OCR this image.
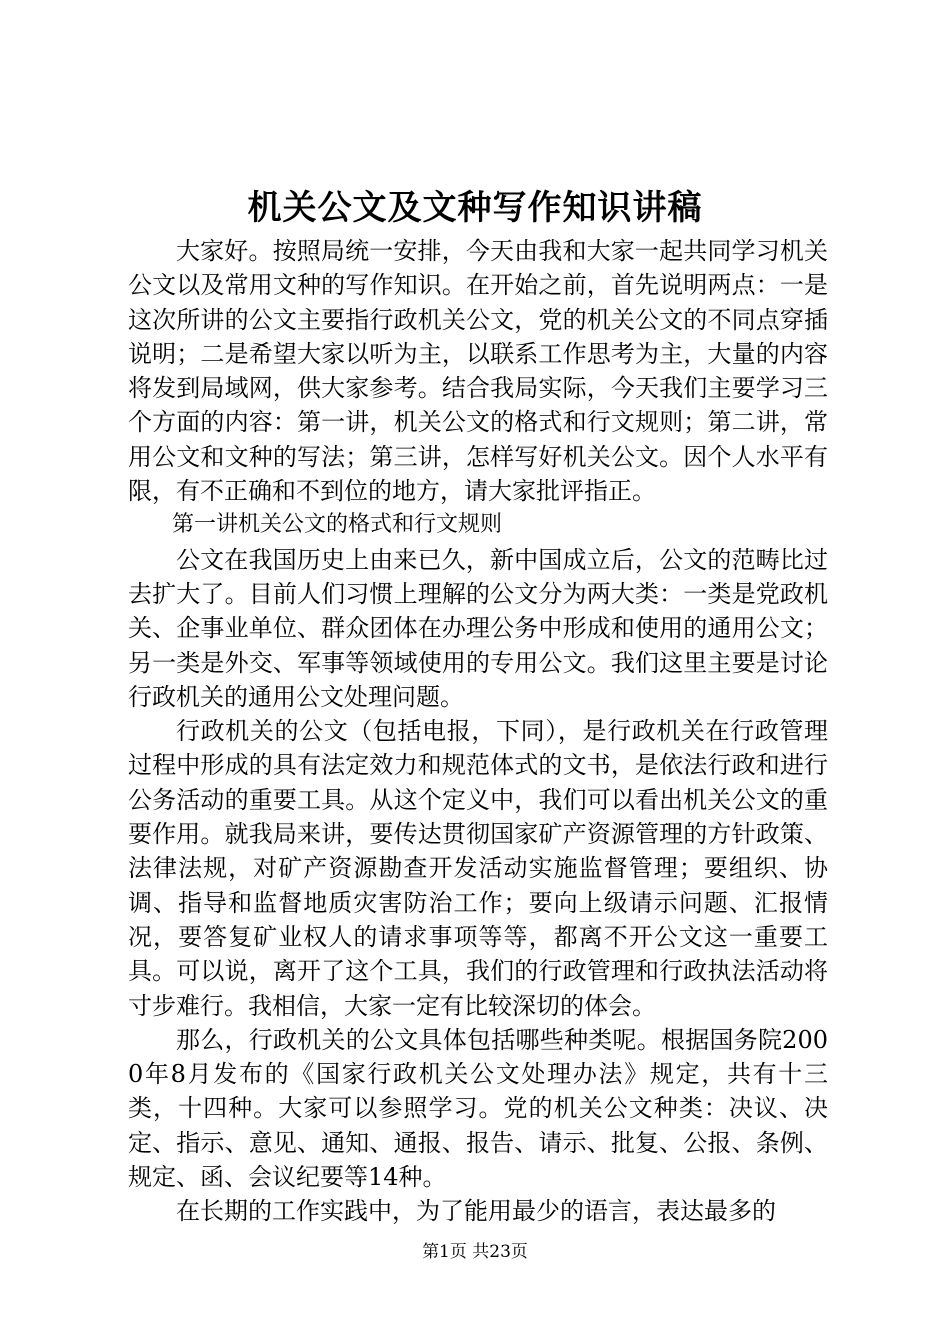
机关公文及文种写作知识讲稿

大家好。按照局统一安排，今天由我和大家一起共同学习机关公文以及常用文种的写作知识。在开始之前，首先说明两点：一是这次所讲的公文主要指行政机关公文，党的机关公文的不同点穿插说明；二是希望大家以听为主，以联系工作思考为主，大量的内容将发到局域网，供大家参考。结合我局实际，今天我们主要学习三个方面的内容：第一讲，机关公文的格式和行文规则；第二讲，常用公文和文种的写法；第三讲，怎样写好机关公文。因个人水平有限，有不正确和不到位的地方，请大家批评指正。

第一讲机关公文的格式和行文规则

公文在我国历史上由来已久，新中国成立后，公文的范畴比过去扩大了。目前人们习惯上理解的公文分为两大类：一类是党政机关、企事业单位、群众团体在办理公务中形成和使用的通用公文；另一类是外交、军事等领域使用的专用公文。我们这里主要是讨论行政机关的通用公文处理问题。

行政机关的公文（包括电报，下同），是行政机关在行政管理过程中形成的具有法定效力和规范体式的文书，是依法行政和进行公务活动的重要工具。从这个定义中，我们可以看出机关公文的重要作用。就我局来讲，要传达贯彻国家矿产资源管理的方针政策、法律法规，对矿产资源勘查开发活动实施监督管理；要组织、协调、指导和监督地质灾害防治工作；要向上级请示问题、汇报情况，要答复矿业权人的请求事项等等，都离不开公文这一重要工具。可以说，离开了这个工具，我们的行政管理和行政执法活动将寸步难行。我相信，大家一定有比较深切的体会。

那么，行政机关的公文具体包括哪些种类呢。根据国务院2000年8月发布的《国家行政机关公文处理办法》规定，共有十三类，十四种。大家可以参照学习。党的机关公文种类：决议、决定、指示、意见、通知、通报、报告、请示、批复、公报、条例、规定、函、会议纪要等14种。

在长期的工作实践中，为了能用最少的语言，表达最多的

第1页 共23页
